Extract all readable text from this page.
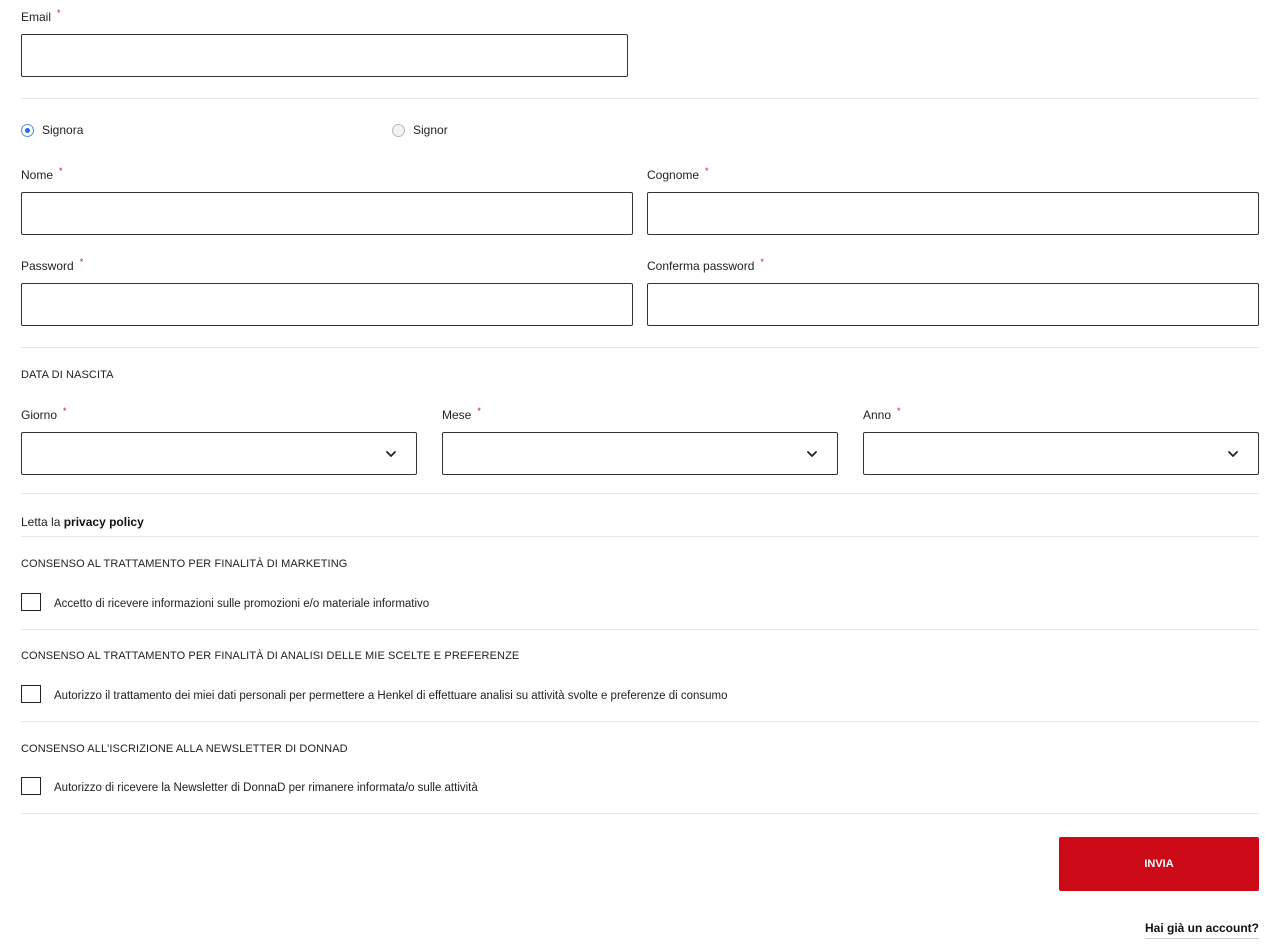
Email *
Signora	Signor
Nome *	Cognome *
Password *	Conferma password *
DATA DI NASCITA
Giorno *	Mese *	Anno *
Letta la privacy policy
CONSENSO AL TRATTAMENTO PER FINALITÀ DI MARKETING
Accetto di ricevere informazioni sulle promozioni e/o materiale informativo
CONSENSO AL TRATTAMENTO PER FINALITÀ DI ANALISI DELLE MIE SCELTE E PREFERENZE
Autorizzo il trattamento dei miei dati personali per permettere a Henkel di effettuare analisi su attività svolte e preferenze di consumo
CONSENSO ALL'ISCRIZIONE ALLA NEWSLETTER DI DONNAD
Autorizzo di ricevere la Newsletter di DonnaD per rimanere informata/o sulle attività
INVIA
Hai già un account?
